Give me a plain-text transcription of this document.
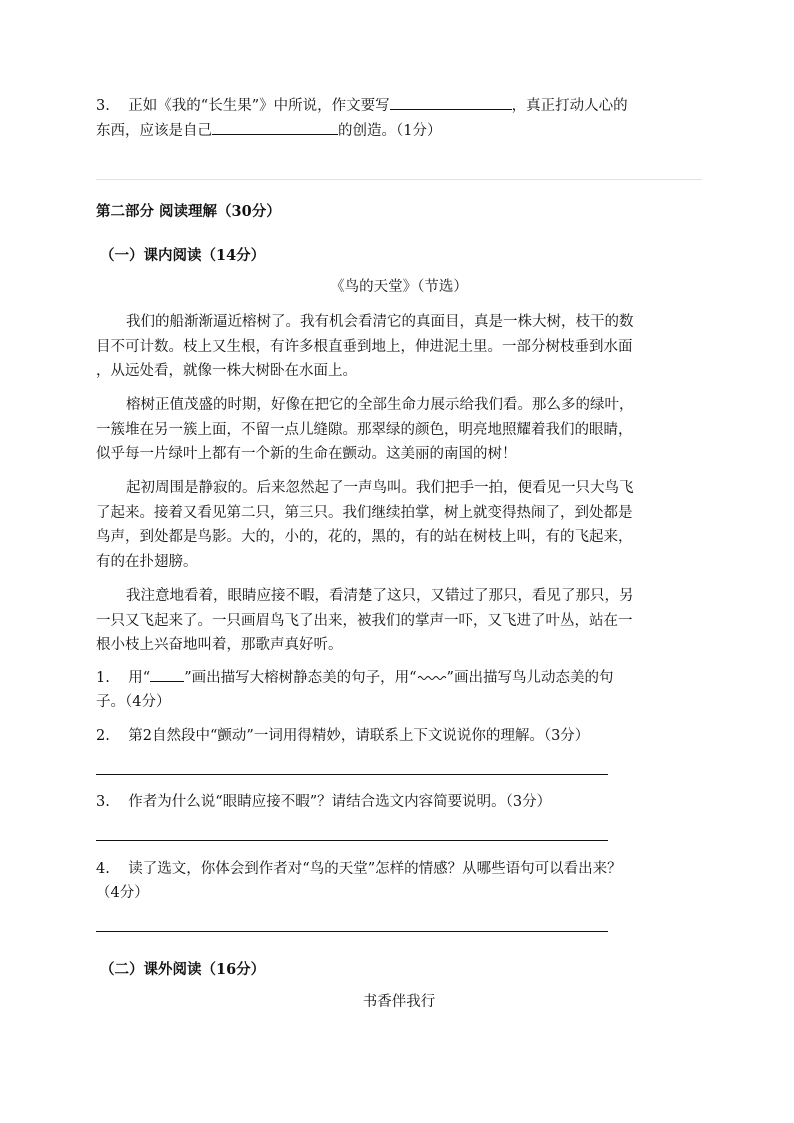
3. 正如《我的“长生果”》中所说，作文要写	，真正打动人心的
东西，应该是自己	的创造。（1分）
第二部分 阅读理解（30分）
（一）课内阅读（14分）
《鸟的天堂》（节选）
我们的船渐渐逼近榕树了。我有机会看清它的真面目，真是一株大树，枝干的数
目不可计数。枝上又生根，有许多根直垂到地上，伸进泥土里。一部分树枝垂到水面
，从远处看，就像一株大树卧在水面上。
榕树正值茂盛的时期，好像在把它的全部生命力展示给我们看。那么多的绿叶，
一簇堆在另一簇上面，不留一点儿缝隙。那翠绿的颜色，明亮地照耀着我们的眼睛，
似乎每一片绿叶上都有一个新的生命在颤动。这美丽的南国的树！
起初周围是静寂的。后来忽然起了一声鸟叫。我们把手一拍，便看见一只大鸟飞
了起来。接着又看见第二只，第三只。我们继续拍掌，树上就变得热闹了，到处都是
鸟声，到处都是鸟影。大的，小的，花的，黑的，有的站在树枝上叫，有的飞起来，
有的在扑翅膀。
我注意地看着，眼睛应接不暇，看清楚了这只，又错过了那只，看见了那只，另
一只又飞起来了。一只画眉鸟飞了出来，被我们的掌声一吓，又飞进了叶丛，站在一
根小枝上兴奋地叫着，那歌声真好听。
1. 用“ ”画出描写大榕树静态美的句子，用“ ”画出描写鸟儿动态美的句
子。（4分）
2. 第2自然段中“颤动”一词用得精妙，请联系上下文说说你的理解。（3分）
3. 作者为什么说“眼睛应接不暇”？请结合选文内容简要说明。（3分）
4. 读了选文，你体会到作者对“鸟的天堂”怎样的情感？从哪些语句可以看出来？
（4分）
（二）课外阅读（16分）
书香伴我行
